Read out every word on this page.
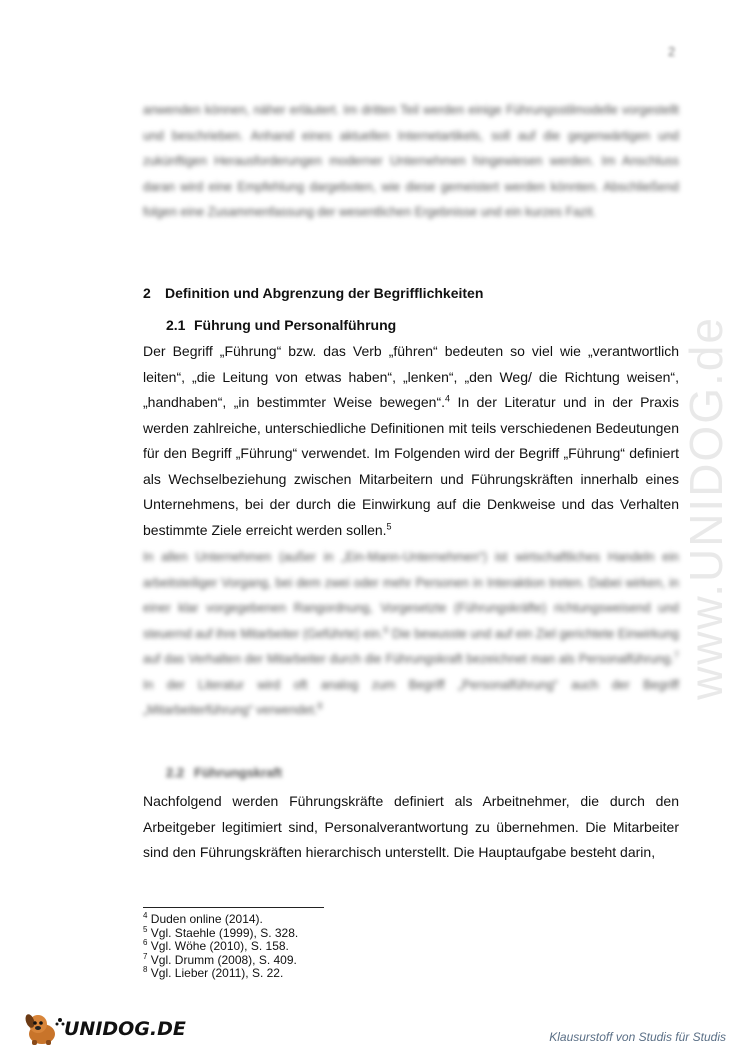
www.UNIDOG.de
2

anwenden können, näher erläutert. Im dritten Teil werden einige Führungsstilmodelle vorgestellt und beschrieben. Anhand eines aktuellen Internetartikels, soll auf die gegenwärtigen und zukünftigen Herausforderungen moderner Unternehmen hingewiesen werden. Im Anschluss daran wird eine Empfehlung dargeboten, wie diese gemeistert werden könnten. Abschließend folgen eine Zusammenfassung der wesentlichen Ergebnisse und ein kurzes Fazit.

2 Definition und Abgrenzung der Begrifflichkeiten
2.1 Führung und Personalführung

Der Begriff „Führung“ bzw. das Verb „führen“ bedeuten so viel wie „verantwortlich leiten“, „die Leitung von etwas haben“, „lenken“, „den Weg/ die Richtung weisen“, „handhaben“, „in bestimmter Weise bewegen“.$^4$ In der Literatur und in der Praxis werden zahlreiche, unterschiedliche Definitionen mit teils verschiedenen Bedeutungen für den Begriff „Führung“ verwendet. Im Folgenden wird der Begriff „Führung“ definiert als Wechselbeziehung zwischen Mitarbeitern und Führungskräften innerhalb eines Unternehmens, bei der durch die Einwirkung auf die Denkweise und das Verhalten bestimmte Ziele erreicht werden sollen.$^5$

In allen Unternehmen (außer in „Ein-Mann-Unternehmen“) ist wirtschaftliches Handeln ein arbeitsteiliger Vorgang, bei dem zwei oder mehr Personen in Interaktion treten. Dabei wirken, in einer klar vorgegebenen Rangordnung, Vorgesetzte (Führungskräfte) richtungsweisend und steuernd auf ihre Mitarbeiter (Geführte) ein.$^6$ Die bewusste und auf ein Ziel gerichtete Einwirkung auf das Verhalten der Mitarbeiter durch die Führungskraft bezeichnet man als Personalführung.$^7$ In der Literatur wird oft analog zum Begriff „Personalführung“ auch der Begriff „Mitarbeiterführung“ verwendet.$^8$

2.2 Führungskraft

Nachfolgend werden Führungskräfte definiert als Arbeitnehmer, die durch den Arbeitgeber legitimiert sind, Personalverantwortung zu übernehmen. Die Mitarbeiter sind den Führungskräften hierarchisch unterstellt. Die Hauptaufgabe besteht darin,

$^4$ Duden online (2014).
$^5$ Vgl. Staehle (1999), S. 328.
$^6$ Vgl. Wöhe (2010), S. 158.
$^7$ Vgl. Drumm (2008), S. 409.
$^8$ Vgl. Lieber (2011), S. 22.
UNIDOG.DE	Klausurstoff von Studis für Studis
